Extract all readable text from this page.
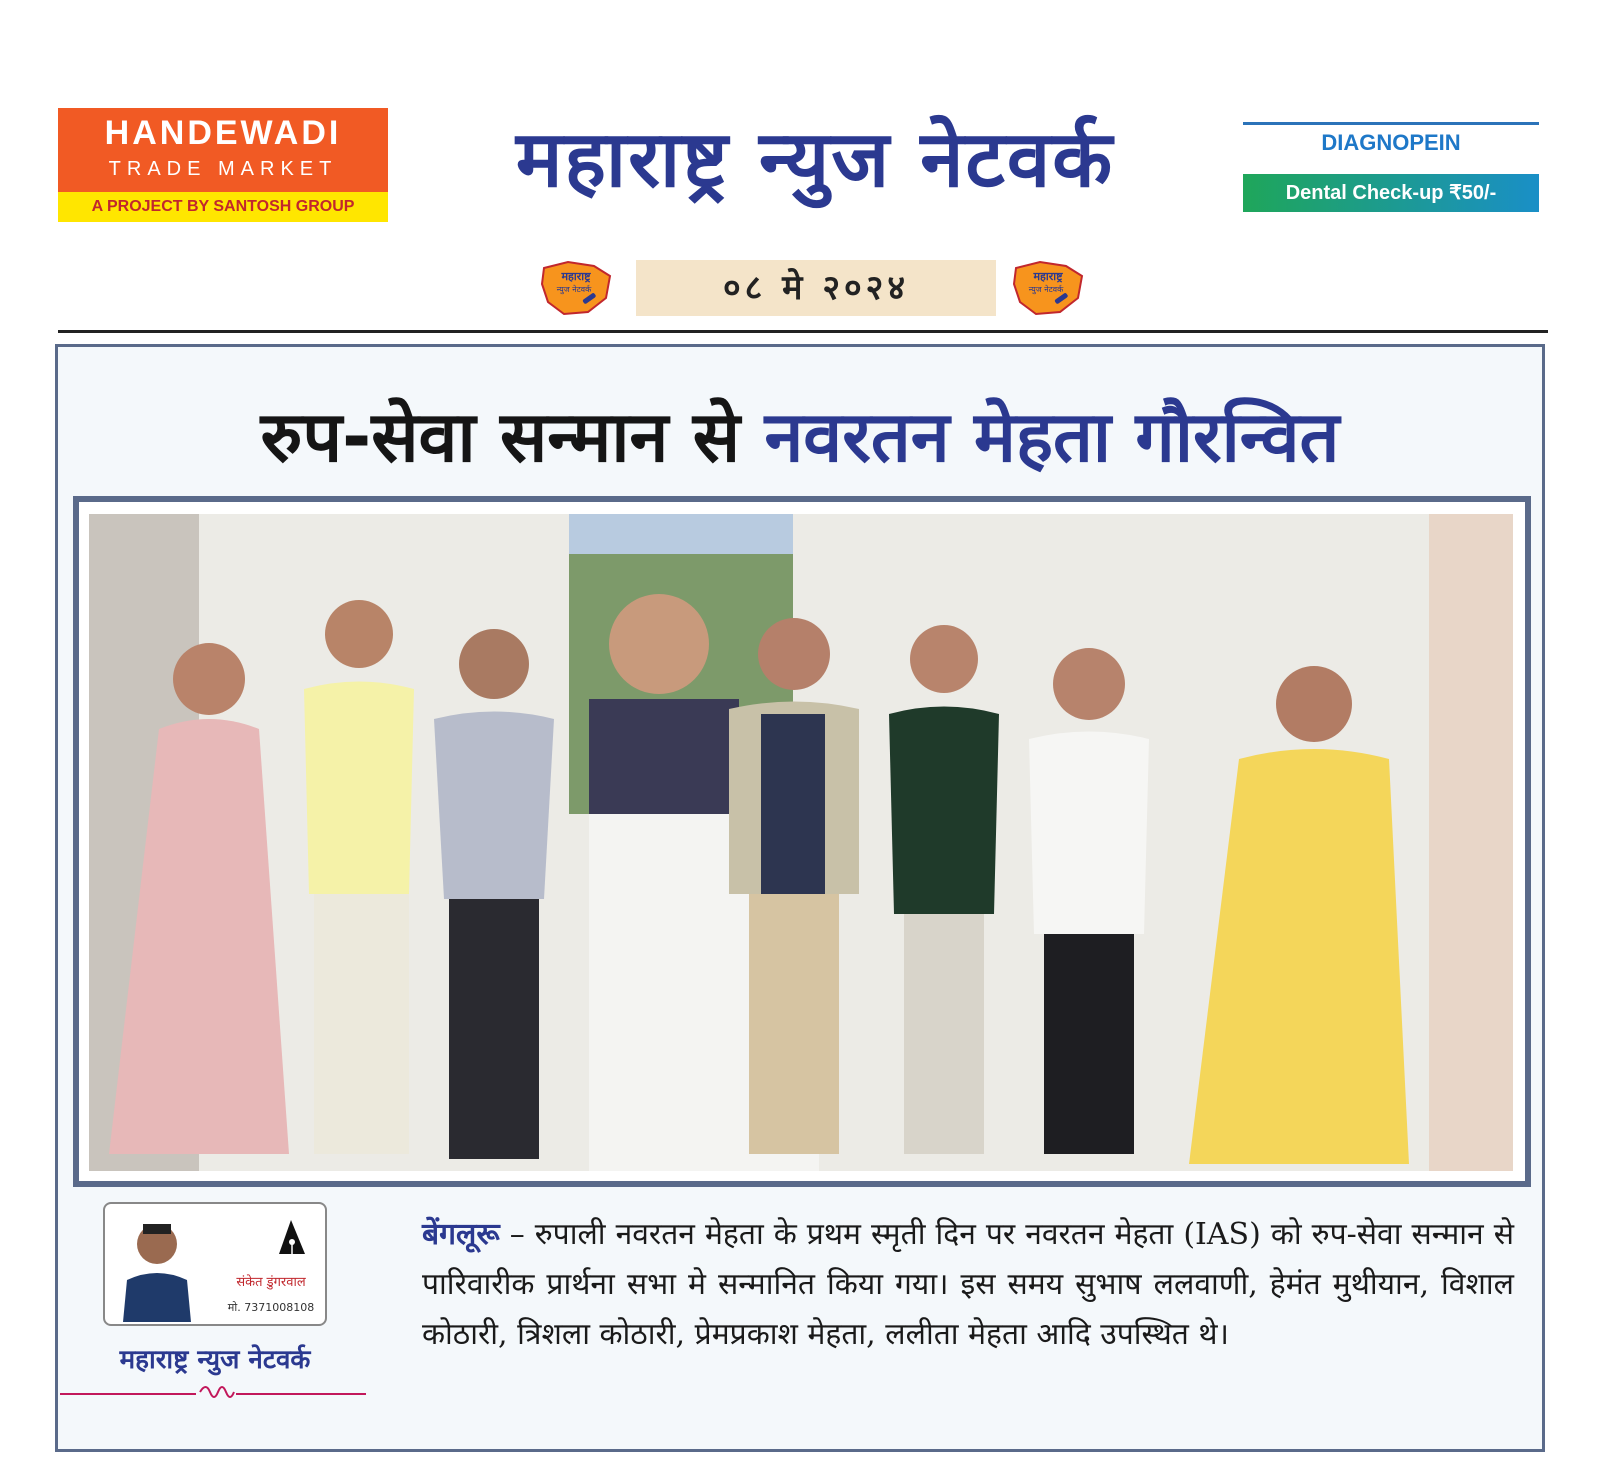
HANDEWADI
TRADE MARKET
A PROJECT BY SANTOSH GROUP
महाराष्ट्र न्युज नेटवर्क	DIAGNOPEIN
Dental Check-up ₹50/-
महाराष्ट्र
न्युज नेटवर्क	०८ मे २०२४	महाराष्ट्र
न्युज नेटवर्क
रुप-सेवा सन्मान से नवरतन मेहता गौरन्वित
संकेत डुंगरवाल
मो. 7371008108
महाराष्ट्र न्युज नेटवर्क
बेंगलूरू – रुपाली नवरतन मेहता के प्रथम स्मृती दिन पर नवरतन मेहता (IAS) को रुप-सेवा सन्मान से पारिवारीक प्रार्थना सभा मे सन्मानित किया गया। इस समय सुभाष ललवाणी, हेमंत मुथीयान, विशाल कोठारी, त्रिशला कोठारी, प्रेमप्रकाश मेहता, ललीता मेहता आदि उपस्थित थे।
